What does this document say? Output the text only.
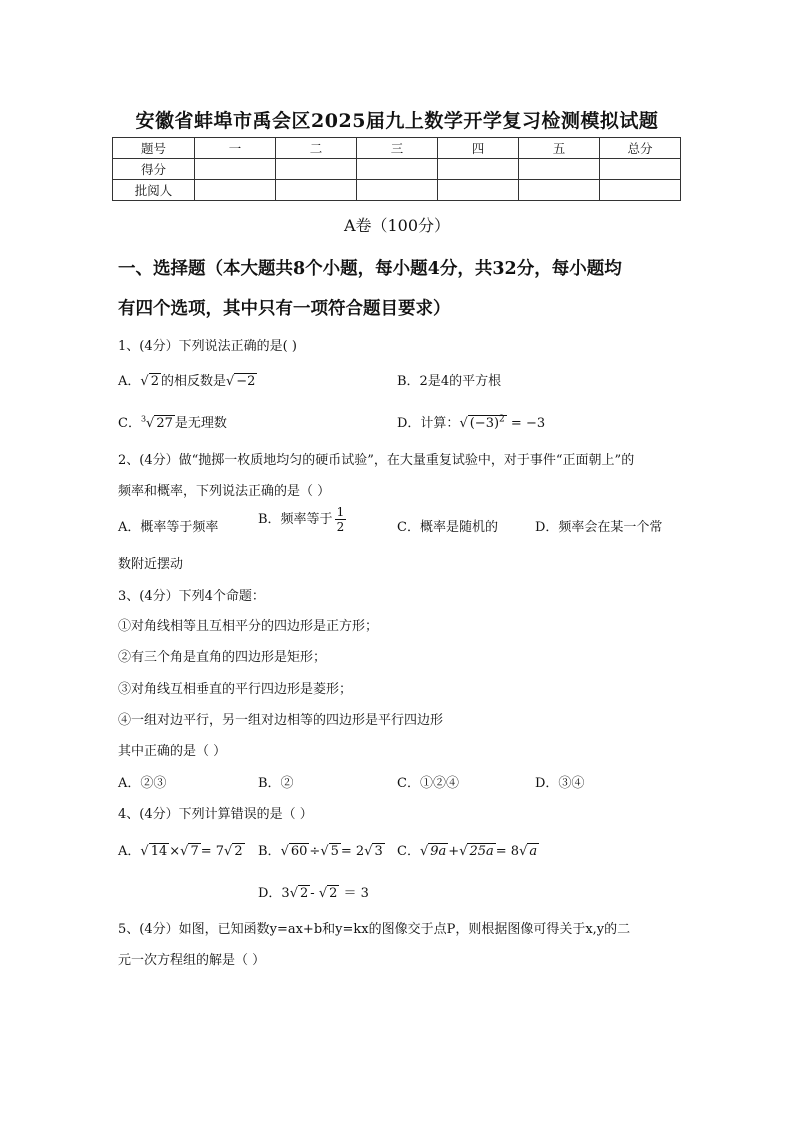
安徽省蚌埠市禹会区2025届九上数学开学复习检测模拟试题
题号	一	二	三	四	五	总分
得分						
批阅人						
A卷（100分）
一、选择题（本大题共8个小题，每小题4分，共32分，每小题均
有四个选项，其中只有一项符合题目要求）
1、(4分）下列说法正确的是( )
A．√ 2 的相反数是√ −2	B．2是4的平方根
C．$^3$√ 27 是无理数	D．计算：√ $(-3)^2 = -3$
2、(4分）做“抛掷一枚质地均匀的硬币试验”，在大量重复试验中，对于事件“正面朝上”的
频率和概率，下列说法正确的是（ ）
A．概率等于频率
B．频率等于 $\frac{1}{2}$	C．概率是随机的	D．频率会在某一个常
数附近摆动
3、(4分）下列4个命题：
①对角线相等且互相平分的四边形是正方形；
②有三个角是直角的四边形是矩形；
③对角线互相垂直的平行四边形是菱形；
④一组对边平行，另一组对边相等的四边形是平行四边形
其中正确的是（ ）
A．②③	B．②	C．①②④	D．③④
4、(4分）下列计算错误的是（ ）
A．√ 14 ×√ 7 = 7√ 2 B．√ 60 ÷√ 5 = 2√ 3 C．√ 9a +√ 25a = 8√ a
D．3√ 2 - √ 2 ＝ 3
5、(4分）如图，已知函数y=ax+b和y=kx的图像交于点P，则根据图像可得关于x,y的二
元一次方程组的解是（ ）
